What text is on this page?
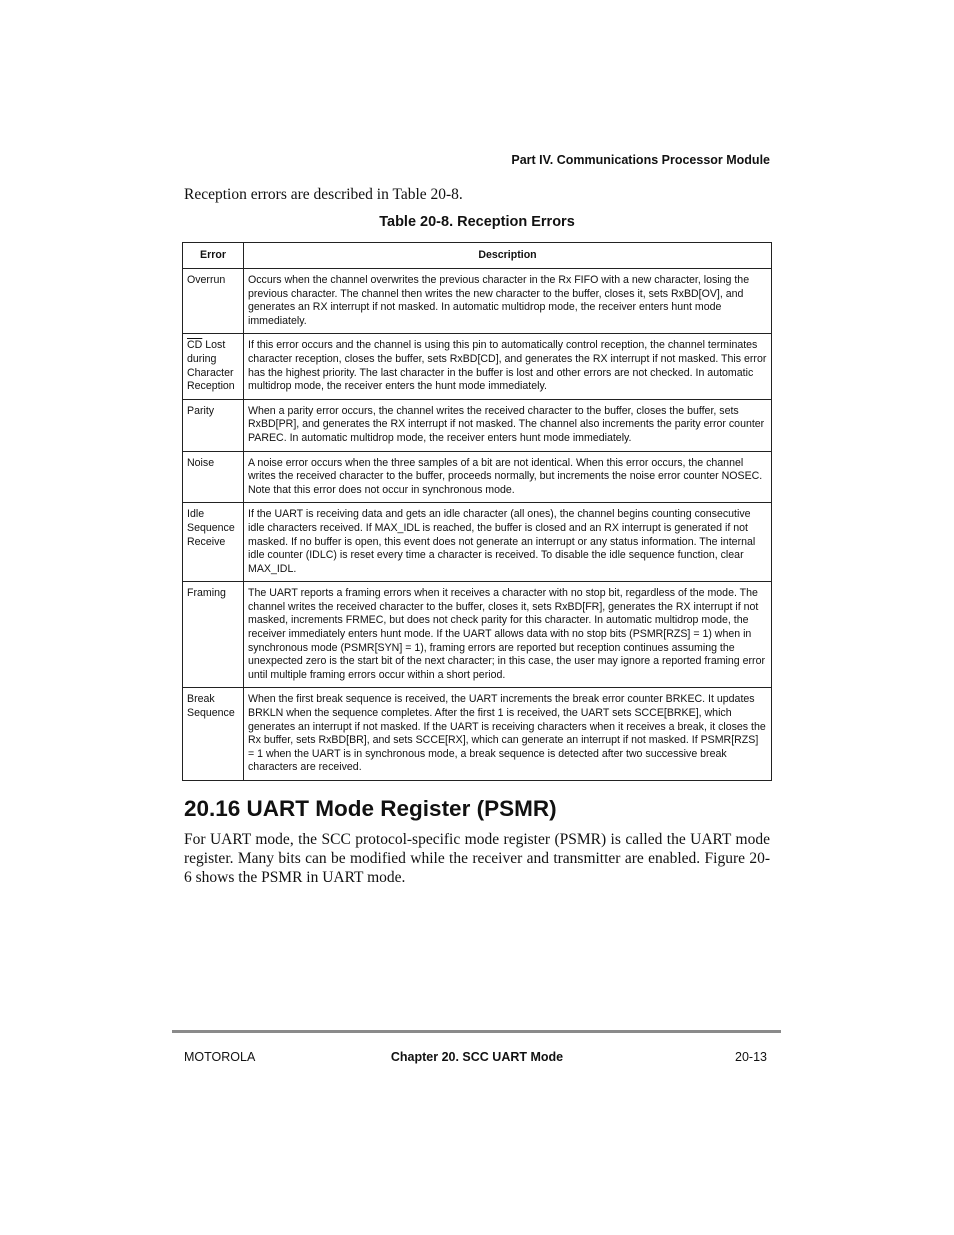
Part IV. Communications Processor Module
Reception errors are described in Table 20-8.
Table 20-8. Reception Errors
Error	Description
Overrun	Occurs when the channel overwrites the previous character in the Rx FIFO with a new character, losing the previous character. The channel then writes the new character to the buffer, closes it, sets RxBD[OV], and generates an RX interrupt if not masked. In automatic multidrop mode, the receiver enters hunt mode immediately.
$\overline{CD}$ Lost during Character Reception	If this error occurs and the channel is using this pin to automatically control reception, the channel terminates character reception, closes the buffer, sets RxBD[CD], and generates the RX interrupt if not masked. This error has the highest priority. The last character in the buffer is lost and other errors are not checked. In automatic multidrop mode, the receiver enters the hunt mode immediately.
Parity	When a parity error occurs, the channel writes the received character to the buffer, closes the buffer, sets RxBD[PR], and generates the RX interrupt if not masked. The channel also increments the parity error counter PAREC. In automatic multidrop mode, the receiver enters hunt mode immediately.
Noise	A noise error occurs when the three samples of a bit are not identical. When this error occurs, the channel writes the received character to the buffer, proceeds normally, but increments the noise error counter NOSEC. Note that this error does not occur in synchronous mode.
Idle Sequence Receive	If the UART is receiving data and gets an idle character (all ones), the channel begins counting consecutive idle characters received. If MAX_IDL is reached, the buffer is closed and an RX interrupt is generated if not masked. If no buffer is open, this event does not generate an interrupt or any status information. The internal idle counter (IDLC) is reset every time a character is received. To disable the idle sequence function, clear MAX_IDL.
Framing	The UART reports a framing errors when it receives a character with no stop bit, regardless of the mode. The channel writes the received character to the buffer, closes it, sets RxBD[FR], generates the RX interrupt if not masked, increments FRMEC, but does not check parity for this character. In automatic multidrop mode, the receiver immediately enters hunt mode. If the UART allows data with no stop bits (PSMR[RZS] = 1) when in synchronous mode (PSMR[SYN] = 1), framing errors are reported but reception continues assuming the unexpected zero is the start bit of the next character; in this case, the user may ignore a reported framing error until multiple framing errors occur within a short period.
Break Sequence	When the first break sequence is received, the UART increments the break error counter BRKEC. It updates BRKLN when the sequence completes. After the first 1 is received, the UART sets SCCE[BRKE], which generates an interrupt if not masked. If the UART is receiving characters when it receives a break, it closes the Rx buffer, sets RxBD[BR], and sets SCCE[RX], which can generate an interrupt if not masked. If PSMR[RZS] = 1 when the UART is in synchronous mode, a break sequence is detected after two successive break characters are received.
20.16 UART Mode Register (PSMR)
For UART mode, the SCC protocol-specific mode register (PSMR) is called the UART mode register. Many bits can be modified while the receiver and transmitter are enabled. Figure 20-6 shows the PSMR in UART mode.
MOTOROLA	Chapter 20. SCC UART Mode	20-13
